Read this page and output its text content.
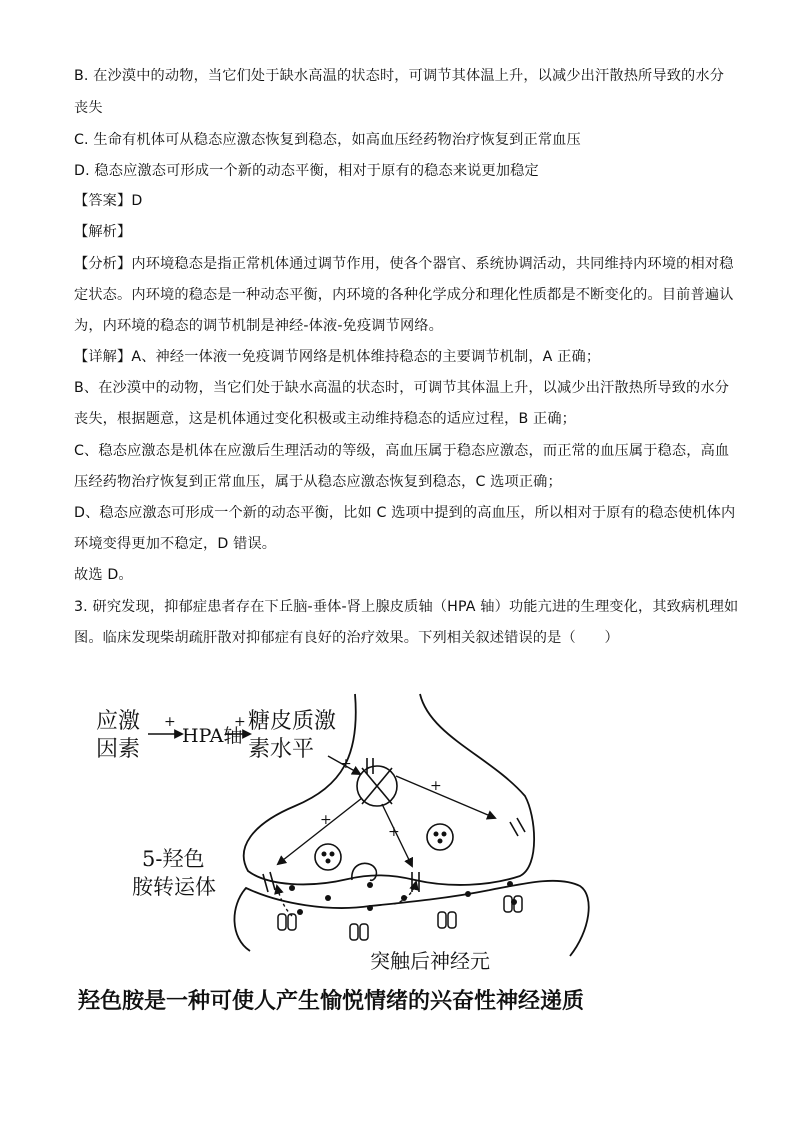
B. 在沙漠中的动物，当它们处于缺水高温的状态时，可调节其体温上升，以减少出汗散热所导致的水分
丧失
C. 生命有机体可从稳态应激态恢复到稳态，如高血压经药物治疗恢复到正常血压
D. 稳态应激态可形成一个新的动态平衡，相对于原有的稳态来说更加稳定
【答案】D
【解析】
【分析】内环境稳态是指正常机体通过调节作用，使各个器官、系统协调活动，共同维持内环境的相对稳
定状态。内环境的稳态是一种动态平衡，内环境的各种化学成分和理化性质都是不断变化的。目前普遍认
为，内环境的稳态的调节机制是神经-体液-免疫调节网络。
【详解】A、神经一体液一免疫调节网络是机体维持稳态的主要调节机制，A 正确；
B、在沙漠中的动物，当它们处于缺水高温的状态时，可调节其体温上升，以减少出汗散热所导致的水分
丧失，根据题意，这是机体通过变化积极或主动维持稳态的适应过程，B 正确；
C、稳态应激态是机体在应激后生理活动的等级，高血压属于稳态应激态，而正常的血压属于稳态，高血
压经药物治疗恢复到正常血压，属于从稳态应激态恢复到稳态，C 选项正确；
D、稳态应激态可形成一个新的动态平衡，比如 C 选项中提到的高血压，所以相对于原有的稳态使机体内
环境变得更加不稳定，D 错误。
故选 D。
3. 研究发现，抑郁症患者存在下丘脑-垂体-肾上腺皮质轴（HPA 轴）功能亢进的生理变化，其致病机理如
图。临床发现柴胡疏肝散对抑郁症有良好的治疗效果。下列相关叙述错误的是（　　）
应激
因素
+
HPA轴
+ 糖皮质激
素水平
+
+
+
+
5-羟色
胺转运体
突触后神经元
羟色胺是一种可使人产生愉悦情绪的兴奋性神经递质
